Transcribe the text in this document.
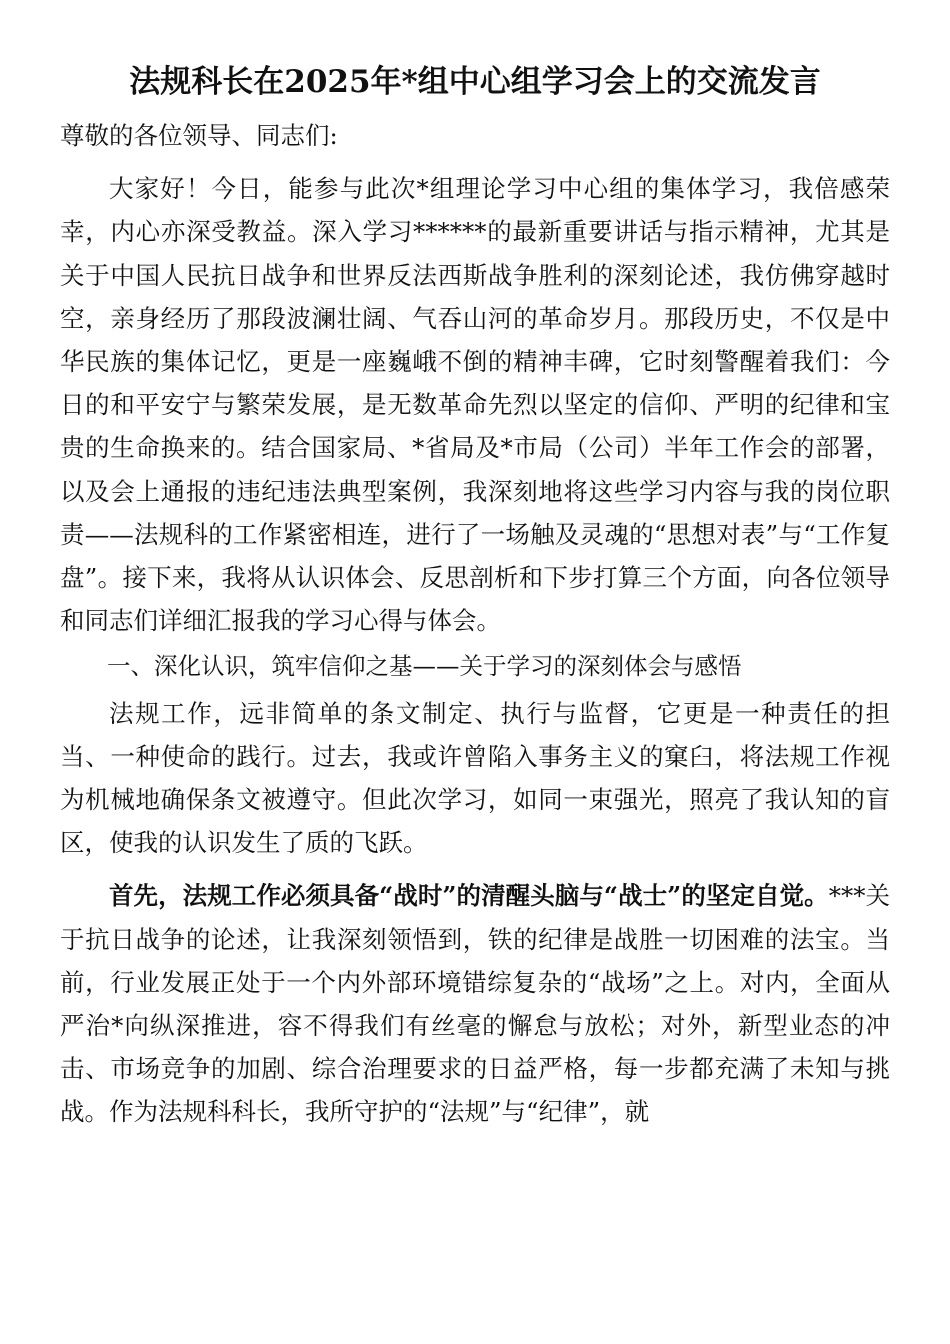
法规科长在2025年*组中心组学习会上的交流发言

尊敬的各位领导、同志们:

大家好！今日，能参与此次*组理论学习中心组的集体学习，我倍感荣幸，内心亦深受教益。深入学习******的最新重要讲话与指示精神，尤其是关于中国人民抗日战争和世界反法西斯战争胜利的深刻论述，我仿佛穿越时空，亲身经历了那段波澜壮阔、气吞山河的革命岁月。那段历史，不仅是中华民族的集体记忆，更是一座巍峨不倒的精神丰碑，它时刻警醒着我们：今日的和平安宁与繁荣发展，是无数革命先烈以坚定的信仰、严明的纪律和宝贵的生命换来的。结合国家局、*省局及*市局（公司）半年工作会的部署，以及会上通报的违纪违法典型案例，我深刻地将这些学习内容与我的岗位职责——法规科的工作紧密相连，进行了一场触及灵魂的“思想对表”与“工作复盘”。接下来，我将从认识体会、反思剖析和下步打算三个方面，向各位领导和同志们详细汇报我的学习心得与体会。

一、深化认识，筑牢信仰之基——关于学习的深刻体会与感悟

法规工作，远非简单的条文制定、执行与监督，它更是一种责任的担当、一种使命的践行。过去，我或许曾陷入事务主义的窠臼，将法规工作视为机械地确保条文被遵守。但此次学习，如同一束强光，照亮了我认知的盲区，使我的认识发生了质的飞跃。

首先，法规工作必须具备“战时”的清醒头脑与“战士”的坚定自觉。***关于抗日战争的论述，让我深刻领悟到，铁的纪律是战胜一切困难的法宝。当前，行业发展正处于一个内外部环境错综复杂的“战场”之上。对内，全面从严治*向纵深推进，容不得我们有丝毫的懈怠与放松；对外，新型业态的冲击、市场竞争的加剧、综合治理要求的日益严格，每一步都充满了未知与挑战。作为法规科科长，我所守护的“法规”与“纪律”，就
